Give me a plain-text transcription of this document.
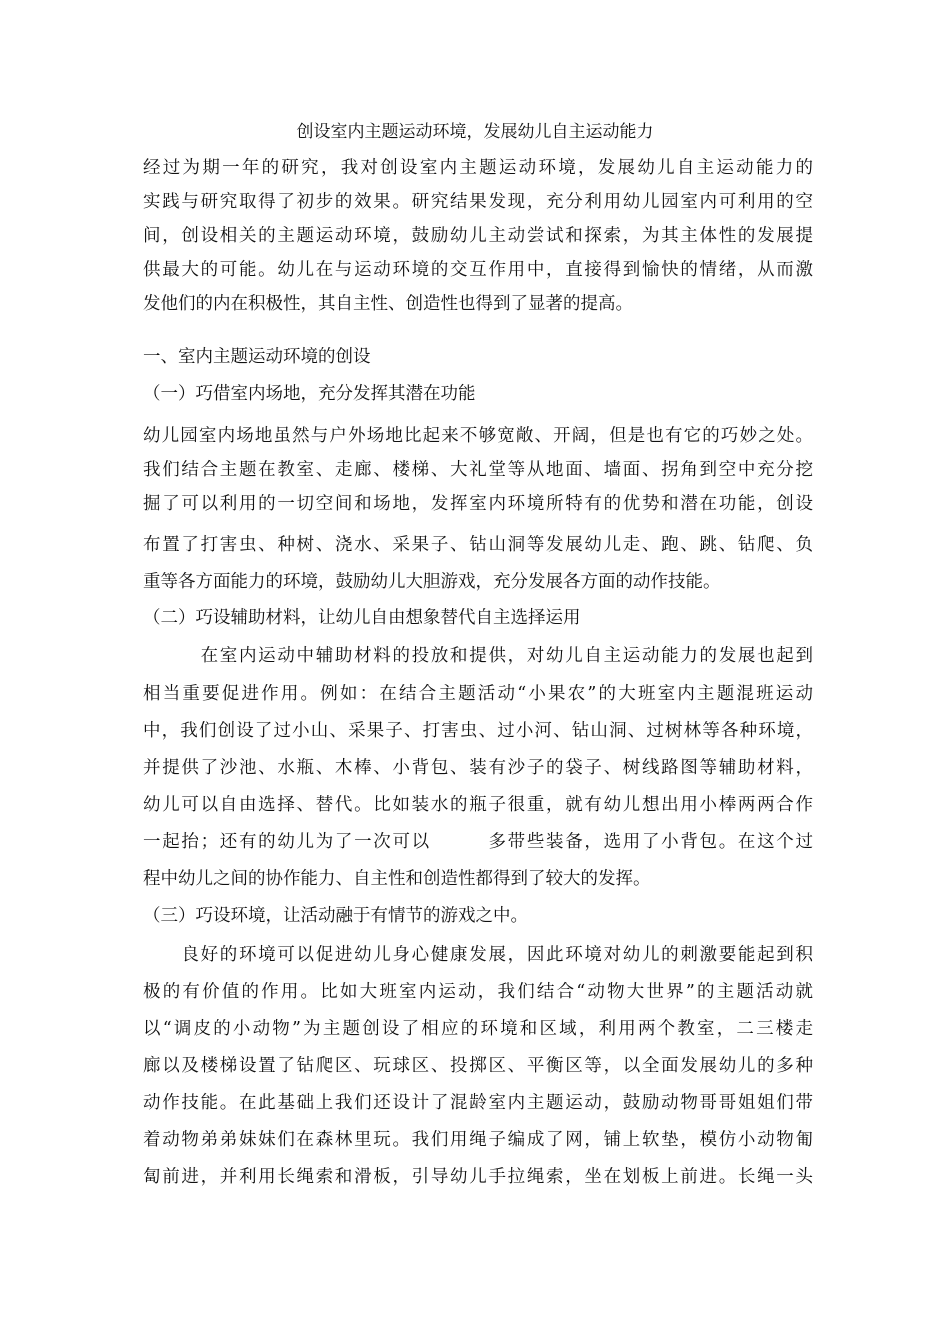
创设室内主题运动环境，发展幼儿自主运动能力
经过为期一年的研究，我对创设室内主题运动环境，发展幼儿自主运动能力的
实践与研究取得了初步的效果。研究结果发现，充分利用幼儿园室内可利用的空
间，创设相关的主题运动环境，鼓励幼儿主动尝试和探索，为其主体性的发展提
供最大的可能。幼儿在与运动环境的交互作用中，直接得到愉快的情绪，从而激
发他们的内在积极性，其自主性、创造性也得到了显著的提高。
一、室内主题运动环境的创设
（一）巧借室内场地，充分发挥其潜在功能
幼儿园室内场地虽然与户外场地比起来不够宽敞、开阔，但是也有它的巧妙之处。
我们结合主题在教室、走廊、楼梯、大礼堂等从地面、墙面、拐角到空中充分挖
掘了可以利用的一切空间和场地，发挥室内环境所特有的优势和潜在功能，创设
布置了打害虫、种树、浇水、采果子、钻山洞等发展幼儿走、跑、跳、钻爬、负
重等各方面能力的环境，鼓励幼儿大胆游戏，充分发展各方面的动作技能。
（二）巧设辅助材料，让幼儿自由想象替代自主选择运用
　　　在室内运动中辅助材料的投放和提供，对幼儿自主运动能力的发展也起到
相当重要促进作用。例如：在结合主题活动“小果农”的大班室内主题混班运动
中，我们创设了过小山、采果子、打害虫、过小河、钻山洞、过树林等各种环境，
并提供了沙池、水瓶、木棒、小背包、装有沙子的袋子、树线路图等辅助材料，
幼儿可以自由选择、替代。比如装水的瓶子很重，就有幼儿想出用小棒两两合作
一起抬；还有的幼儿为了一次可以　　　多带些装备，选用了小背包。在这个过
程中幼儿之间的协作能力、自主性和创造性都得到了较大的发挥。
（三）巧设环境，让活动融于有情节的游戏之中。
　　良好的环境可以促进幼儿身心健康发展，因此环境对幼儿的刺激要能起到积
极的有价值的作用。比如大班室内运动，我们结合“动物大世界”的主题活动就
以“调皮的小动物”为主题创设了相应的环境和区域，利用两个教室，二三楼走
廊以及楼梯设置了钻爬区、玩球区、投掷区、平衡区等，以全面发展幼儿的多种
动作技能。在此基础上我们还设计了混龄室内主题运动，鼓励动物哥哥姐姐们带
着动物弟弟妹妹们在森林里玩。我们用绳子编成了网，铺上软垫，模仿小动物匍
匐前进，并利用长绳索和滑板，引导幼儿手拉绳索，坐在划板上前进。长绳一头
